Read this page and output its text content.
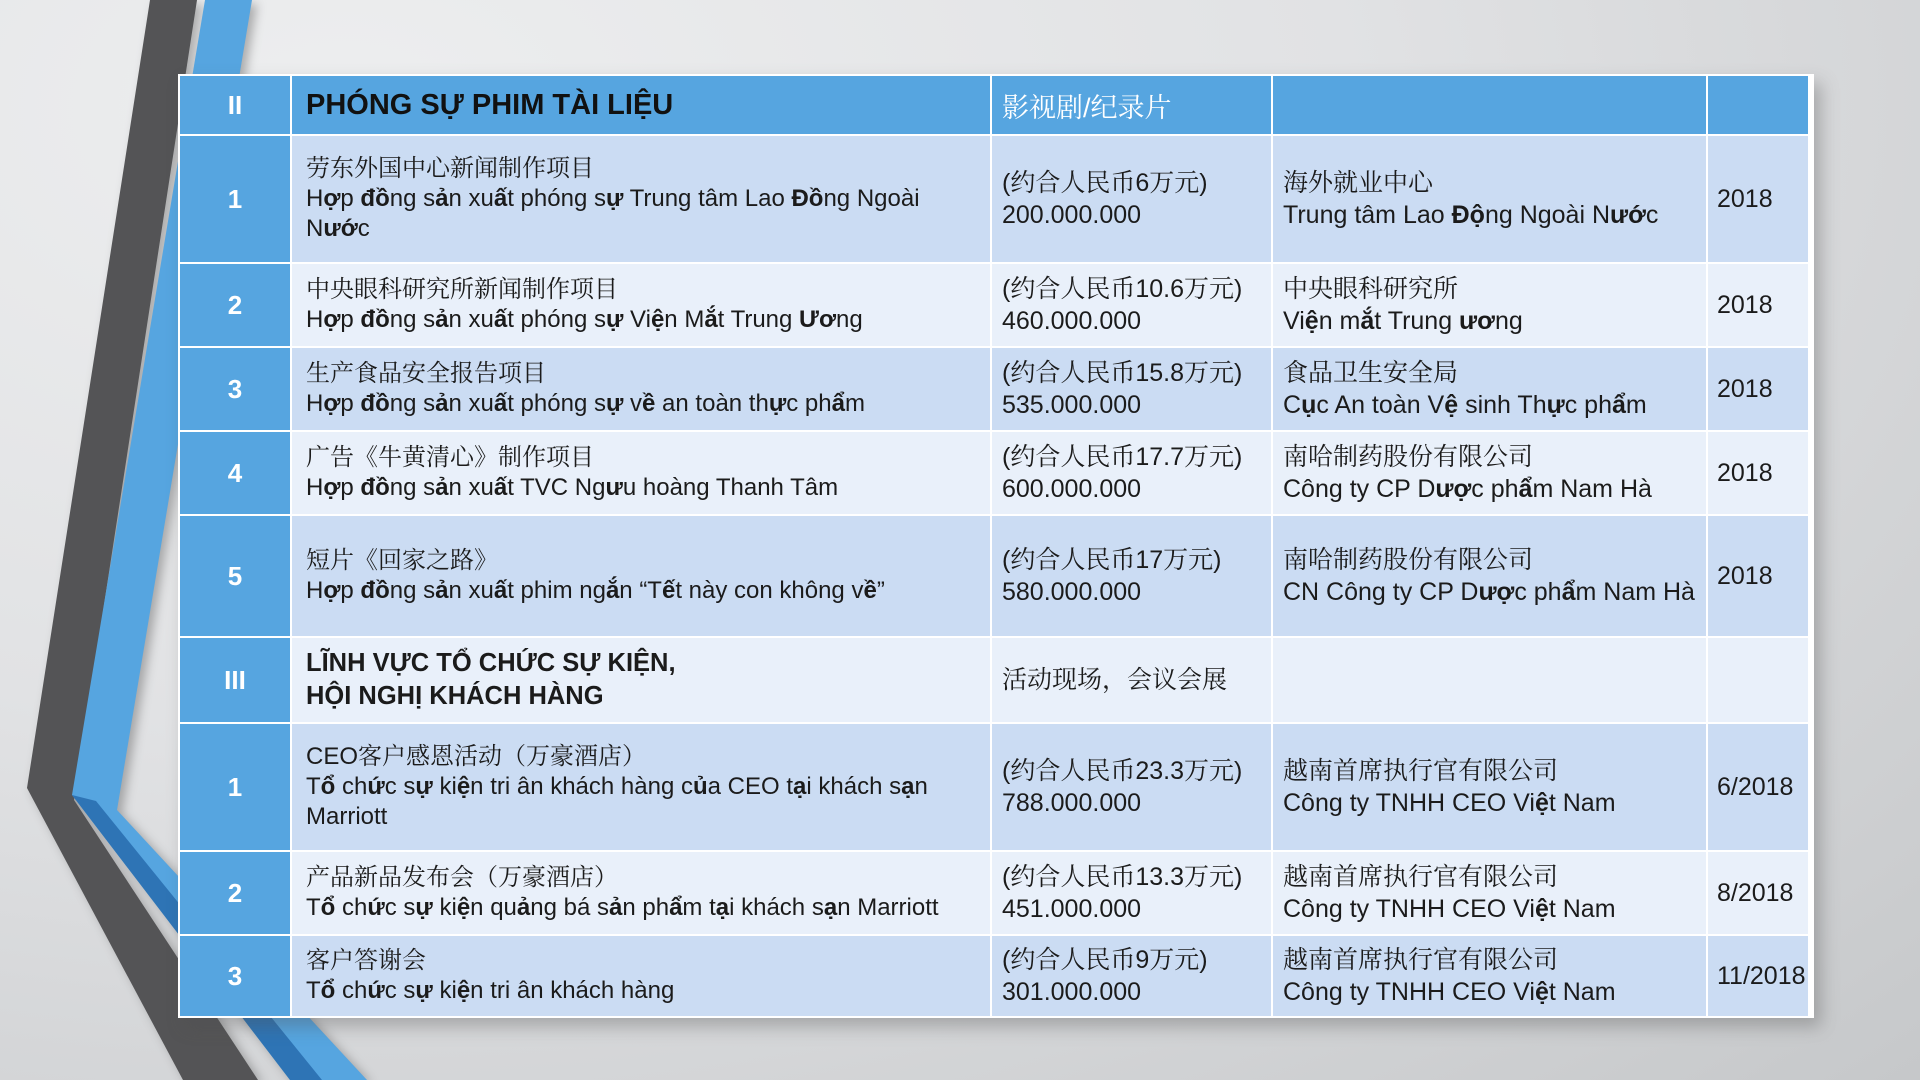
II	PHÓNG SỰ PHIM TÀI LIỆU	影视剧/纪录片
1
劳东外国中心新闻制作项目
Hợp đồng sản xuất phóng sự Trung tâm Lao Đồng Ngoài Nước
(约合人民币6万元)
200.000.000
海外就业中心
Trung tâm Lao Động Ngoài Nước
2018
2
中央眼科研究所新闻制作项目
Hợp đồng sản xuất phóng sự Viện Mắt Trung Ương
(约合人民币10.6万元)
460.000.000
中央眼科研究所
Viện mắt Trung ương
2018
3
生产食品安全报告项目
Hợp đồng sản xuất phóng sự về an toàn thực phẩm
(约合人民币15.8万元)
535.000.000
食品卫生安全局
Cục An toàn Vệ sinh Thực phẩm
2018
4
广告《牛黄清心》制作项目
Hợp đồng sản xuất TVC Ngưu hoàng Thanh Tâm
(约合人民币17.7万元)
600.000.000
南哈制药股份有限公司
Công ty CP Dược phẩm Nam Hà
2018
5
短片《回家之路》
Hợp đồng sản xuất phim ngắn “Tết này con không về”
(约合人民币17万元)
580.000.000
南哈制药股份有限公司
CN Công ty CP Dược phẩm Nam Hà
2018
III
LĨNH VỰC TỔ CHỨC SỰ KIỆN,
HỘI NGHỊ KHÁCH HÀNG
活动现场，会议会展
1
CEO客户感恩活动（万豪酒店）
Tổ chức sự kiện tri ân khách hàng của CEO tại khách sạn Marriott
(约合人民币23.3万元)
788.000.000
越南首席执行官有限公司
Công ty TNHH CEO Việt Nam
6/2018
2
产品新品发布会（万豪酒店）
Tổ chức sự kiện quảng bá sản phẩm tại khách sạn Marriott
(约合人民币13.3万元)
451.000.000
越南首席执行官有限公司
Công ty TNHH CEO Việt Nam
8/2018
3
客户答谢会
Tổ chức sự kiện tri ân khách hàng
(约合人民币9万元)
301.000.000
越南首席执行官有限公司
Công ty TNHH CEO Việt Nam
11/2018
